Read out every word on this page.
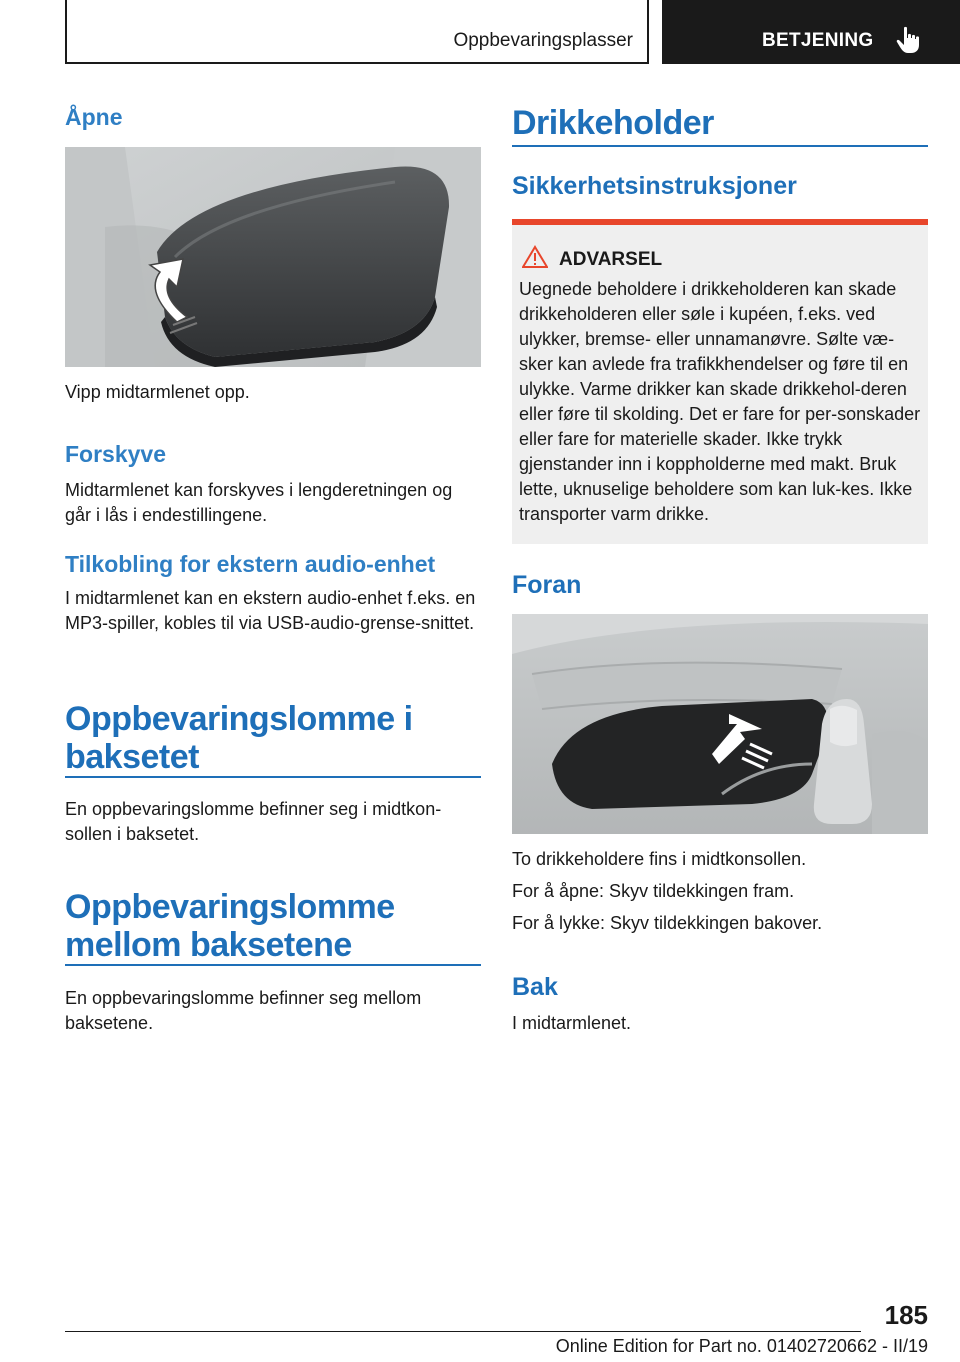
Oppbevaringsplasser	BETJENING
Åpne

Vipp midtarmlenet opp.

Forskyve

Midtarmlenet kan forskyves i lengderetningen og går i lås i endestillingene.

Tilkobling for ekstern audio-enhet

I midtarmlenet kan en ekstern audio-enhet f.eks. en MP3-spiller, kobles til via USB-audio-grense-snittet.

Oppbevaringslomme i baksetet

En oppbevaringslomme befinner seg i midtkon-sollen i baksetet.

Oppbevaringslomme mellom baksetene

En oppbevaringslomme befinner seg mellom baksetene.

Drikkeholder
Sikkerhetsinstruksjoner
ADVARSEL

Uegnede beholdere i drikkeholderen kan skade drikkeholderen eller søle i kupéen, f.eks. ved ulykker, bremse- eller unnamanøvre. Sølte væ-sker kan avlede fra trafikkhendelser og føre til en ulykke. Varme drikker kan skade drikkehol-deren eller føre til skolding. Det er fare for per-sonskader eller fare for materielle skader. Ikke trykk gjenstander inn i koppholderne med makt. Bruk lette, uknuselige beholdere som kan luk-kes. Ikke transporter varm drikke.

Foran

To drikkeholdere fins i midtkonsollen.

For å åpne: Skyv tildekkingen fram.

For å lykke: Skyv tildekkingen bakover.

Bak

I midtarmlenet.

185
Online Edition for Part no. 01402720662 - II/19
